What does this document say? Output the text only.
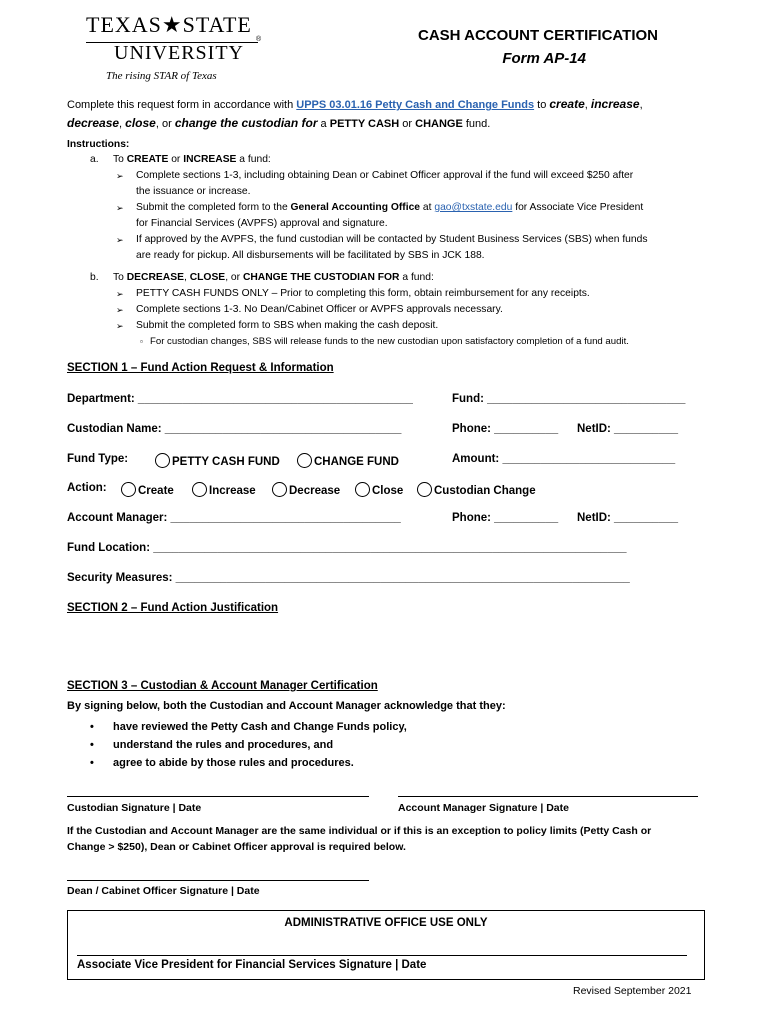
TEXAS★STATE
UNIVERSITY
®
The rising STAR of Texas
CASH ACCOUNT CERTIFICATION
Form AP-14
Complete this request form in accordance with UPPS 03.01.16 Petty Cash and Change Funds to create, increase,
decrease, close, or change the custodian for a PETTY CASH or CHANGE fund.
Instructions:
a. To CREATE or INCREASE a fund:
➢ Complete sections 1-3, including obtaining Dean or Cabinet Officer approval if the fund will exceed $250 after
the issuance or increase.
➢ Submit the completed form to the General Accounting Office at gao@txstate.edu for Associate Vice President
for Financial Services (AVPFS) approval and signature.
➢ If approved by the AVPFS, the fund custodian will be contacted by Student Business Services (SBS) when funds
are ready for pickup. All disbursements will be facilitated by SBS in JCK 188.
b. To DECREASE, CLOSE, or CHANGE THE CUSTODIAN FOR a fund:
➢ PETTY CASH FUNDS ONLY – Prior to completing this form, obtain reimbursement for any receipts.
➢ Complete sections 1-3. No Dean/Cabinet Officer or AVPFS approvals necessary.
➢ Submit the completed form to SBS when making the cash deposit.
▫ For custodian changes, SBS will release funds to the new custodian upon satisfactory completion of a fund audit.
SECTION 1 – Fund Action Request & Information
Department: ___________________________________________	Fund: _______________________________
Custodian Name: _____________________________________	Phone: __________ NetID: __________
Fund Type:	PETTY CASH FUND	CHANGE FUND	Amount: ___________________________
Action:	Create	Increase	Decrease	Close	Custodian Change
Account Manager: ____________________________________	Phone: __________ NetID: __________
Fund Location: __________________________________________________________________________
Security Measures: _______________________________________________________________________
SECTION 2 – Fund Action Justification
SECTION 3 – Custodian & Account Manager Certification
By signing below, both the Custodian and Account Manager acknowledge that they:
• have reviewed the Petty Cash and Change Funds policy,
• understand the rules and procedures, and
• agree to abide by those rules and procedures.
Custodian Signature | Date	Account Manager Signature | Date
If the Custodian and Account Manager are the same individual or if this is an exception to policy limits (Petty Cash or
Change > $250), Dean or Cabinet Officer approval is required below.
Dean / Cabinet Officer Signature | Date
ADMINISTRATIVE OFFICE USE ONLY
Associate Vice President for Financial Services Signature | Date
Revised September 2021
